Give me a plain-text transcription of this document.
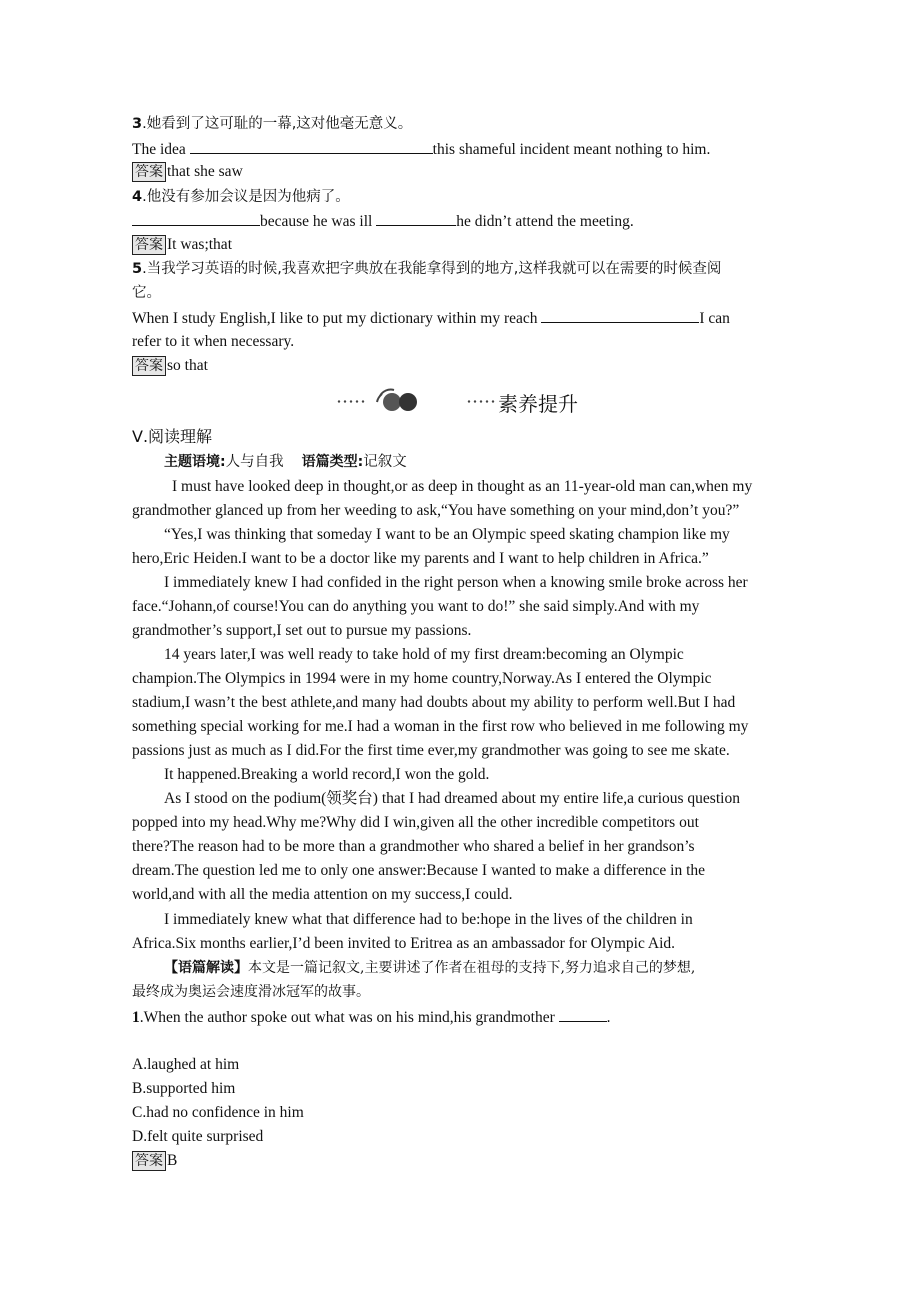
3.她看到了这可耻的一幕,这对他毫无意义。
The idea	this shameful incident meant nothing to him.
答案 that she saw
4.他没有参加会议是因为他病了。
because he was ill	he didn’t attend the meeting.
答案 It was;that
5.当我学习英语的时候,我喜欢把字典放在我能拿得到的地方,这样我就可以在需要的时候查阅
它。
When I study English,I like to put my dictionary within my reach	I can
refer to it when necessary.
答案 so that
素养提升
Ⅴ.阅读理解
主题语境:人与自我 语篇类型:记叙文
I must have looked deep in thought,or as deep in thought as an 11-year-old man can,when my
grandmother glanced up from her weeding to ask,“You have something on your mind,don’t you?”
“Yes,I was thinking that someday I want to be an Olympic speed skating champion like my
hero,Eric Heiden.I want to be a doctor like my parents and I want to help children in Africa.”
I immediately knew I had confided in the right person when a knowing smile broke across her
face.“Johann,of course!You can do anything you want to do!” she said simply.And with my
grandmother’s support,I set out to pursue my passions.
14 years later,I was well ready to take hold of my first dream:becoming an Olympic
champion.The Olympics in 1994 were in my home country,Norway.As I entered the Olympic
stadium,I wasn’t the best athlete,and many had doubts about my ability to perform well.But I had
something special working for me.I had a woman in the first row who believed in me following my
passions just as much as I did.For the first time ever,my grandmother was going to see me skate.
It happened.Breaking a world record,I won the gold.
As I stood on the podium(领奖台) that I had dreamed about my entire life,a curious question
popped into my head.Why me?Why did I win,given all the other incredible competitors out
there?The reason had to be more than a grandmother who shared a belief in her grandson’s
dream.The question led me to only one answer:Because I wanted to make a difference in the
world,and with all the media attention on my success,I could.
I immediately knew what that difference had to be:hope in the lives of the children in
Africa.Six months earlier,I’d been invited to Eritrea as an ambassador for Olympic Aid.
【语篇解读】本文是一篇记叙文,主要讲述了作者在祖母的支持下,努力追求自己的梦想,
最终成为奥运会速度滑冰冠军的故事。
1.When the author spoke out what was on his mind,his grandmother	.
A.laughed at him
B.supported him
C.had no confidence in him
D.felt quite surprised
答案 B
